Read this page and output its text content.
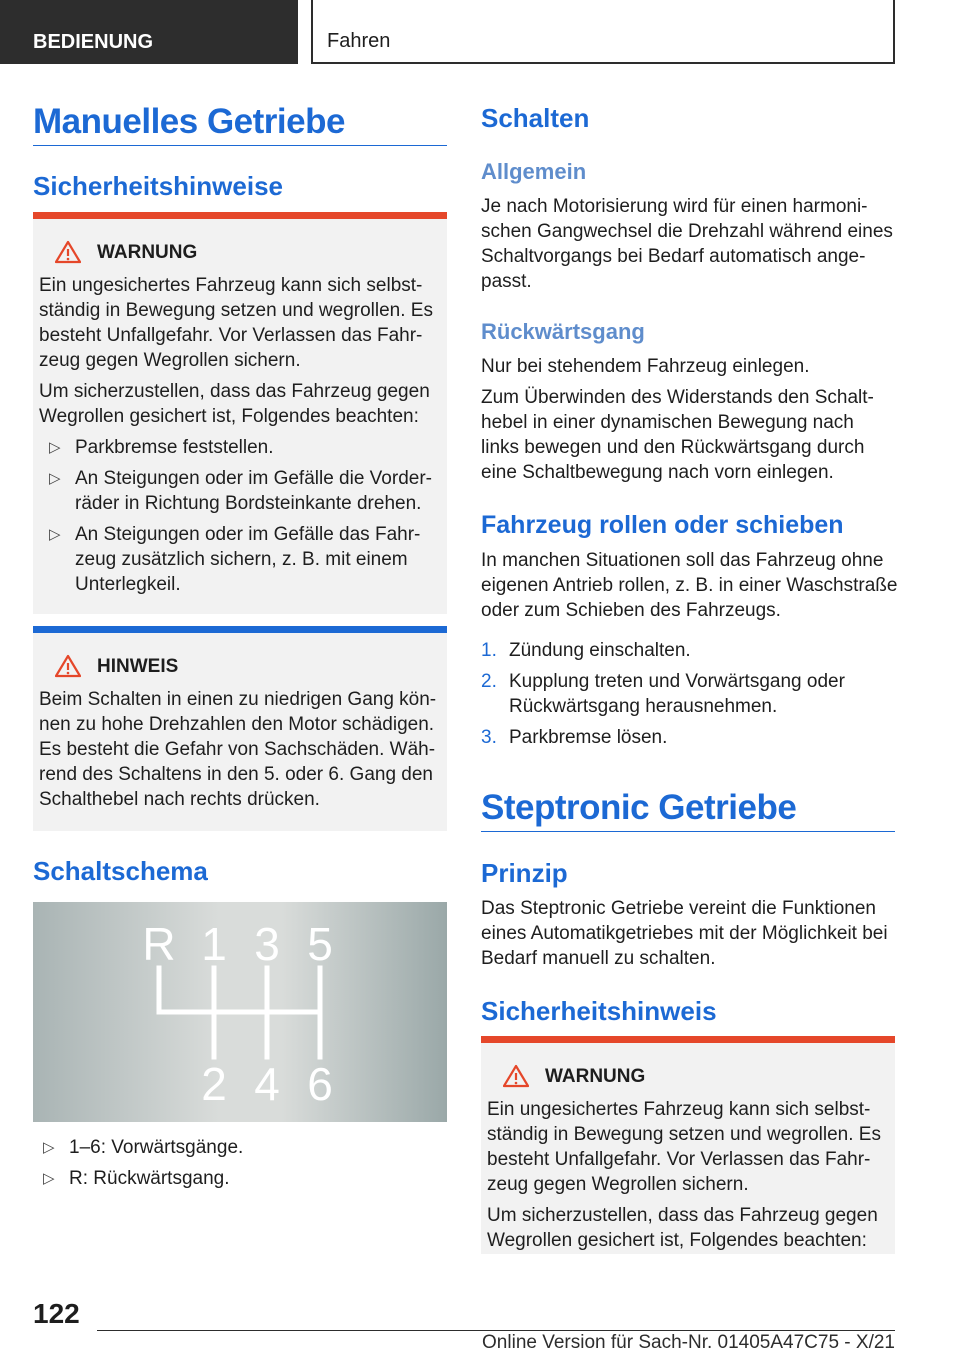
BEDIENUNG	Fahren
Manuelles Getriebe
Sicherheitshinweise
WARNUNG

Ein ungesichertes Fahrzeug kann sich selbst-ständig in Bewegung setzen und wegrollen. Es besteht Unfallgefahr. Vor Verlassen das Fahr-zeug gegen Wegrollen sichern.

Um sicherzustellen, dass das Fahrzeug gegen Wegrollen gesichert ist, Folgendes beachten:

▷ Parkbremse feststellen.
▷ An Steigungen oder im Gefälle die Vorder-räder in Richtung Bordsteinkante drehen.
▷ An Steigungen oder im Gefälle das Fahr-zeug zusätzlich sichern, z. B. mit einem Unterlegkeil.
HINWEIS

Beim Schalten in einen zu niedrigen Gang kön-nen zu hohe Drehzahlen den Motor schädigen. Es besteht die Gefahr von Sachschäden. Wäh-rend des Schaltens in den 5. oder 6. Gang den Schalthebel nach rechts drücken.

Schaltschema
R 1 3 5
2 4 6
▷ 1–6: Vorwärtsgänge.
▷ R: Rückwärtsgang.
Schalten
Allgemein
Je nach Motorisierung wird für einen harmoni-schen Gangwechsel die Drehzahl während eines Schaltvorgangs bei Bedarf automatisch ange-passt.
Rückwärtsgang

Nur bei stehendem Fahrzeug einlegen.

Zum Überwinden des Widerstands den Schalt-hebel in einer dynamischen Bewegung nach links bewegen und den Rückwärtsgang durch eine Schaltbewegung nach vorn einlegen.

Fahrzeug rollen oder schieben
In manchen Situationen soll das Fahrzeug ohne eigenen Antrieb rollen, z. B. in einer Waschstraße oder zum Schieben des Fahrzeugs.
1. Zündung einschalten.
2. Kupplung treten und Vorwärtsgang oder Rückwärtsgang herausnehmen.
3. Parkbremse lösen.
Steptronic Getriebe
Prinzip
Das Steptronic Getriebe vereint die Funktionen eines Automatikgetriebes mit der Möglichkeit bei Bedarf manuell zu schalten.
Sicherheitshinweis
WARNUNG

Ein ungesichertes Fahrzeug kann sich selbst-ständig in Bewegung setzen und wegrollen. Es besteht Unfallgefahr. Vor Verlassen das Fahr-zeug gegen Wegrollen sichern.

Um sicherzustellen, dass das Fahrzeug gegen Wegrollen gesichert ist, Folgendes beachten:

122
Online Version für Sach-Nr. 01405A47C75 - X/21
